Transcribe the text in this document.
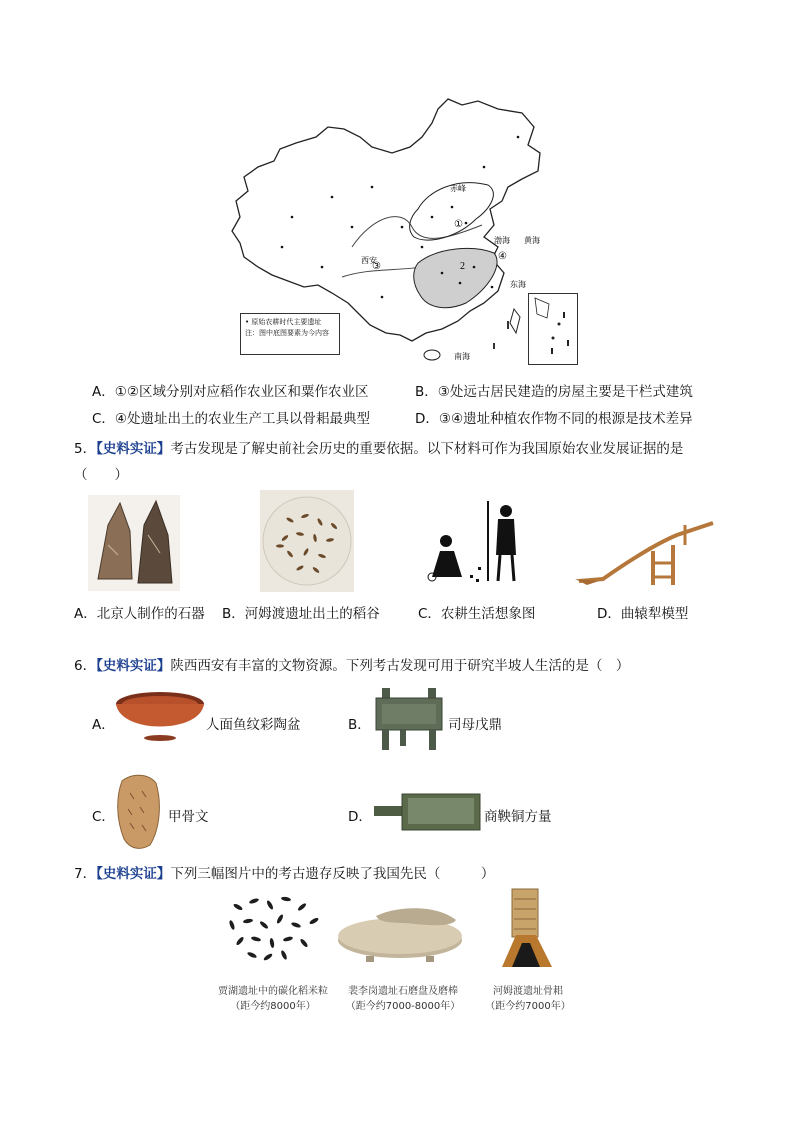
赤峰
西安
渤海 黄海
东海
南海
①
2
③
④
• 原始农耕时代主要遗址
注：图中底图要素为今内容
A．①②区域分别对应稻作农业区和粟作农业区	B．③处远古居民建造的房屋主要是干栏式建筑
C．④处遗址出土的农业生产工具以骨耜最典型	D．③④遗址种植农作物不同的根源是技术差异
5．【史料实证】考古发现是了解史前社会历史的重要依据。以下材料可作为我国原始农业发展证据的是
（　　）
A．北京人制作的石器 B．河姆渡遗址出土的稻谷	C．农耕生活想象图	D．曲辕犁模型
6．【史料实证】陕西西安有丰富的文物资源。下列考古发现可用于研究半坡人生活的是（　）
A．	人面鱼纹彩陶盆	B．	司母戊鼎
C．	甲骨文	D．	商鞅铜方量
7．【史料实证】下列三幅图片中的考古遗存反映了我国先民（　　　）
贾湖遗址中的碳化稻米粒
（距今约8000年）
裴李岗遗址石磨盘及磨棒
（距今约7000-8000年）
河姆渡遗址骨耜
（距今约7000年）
